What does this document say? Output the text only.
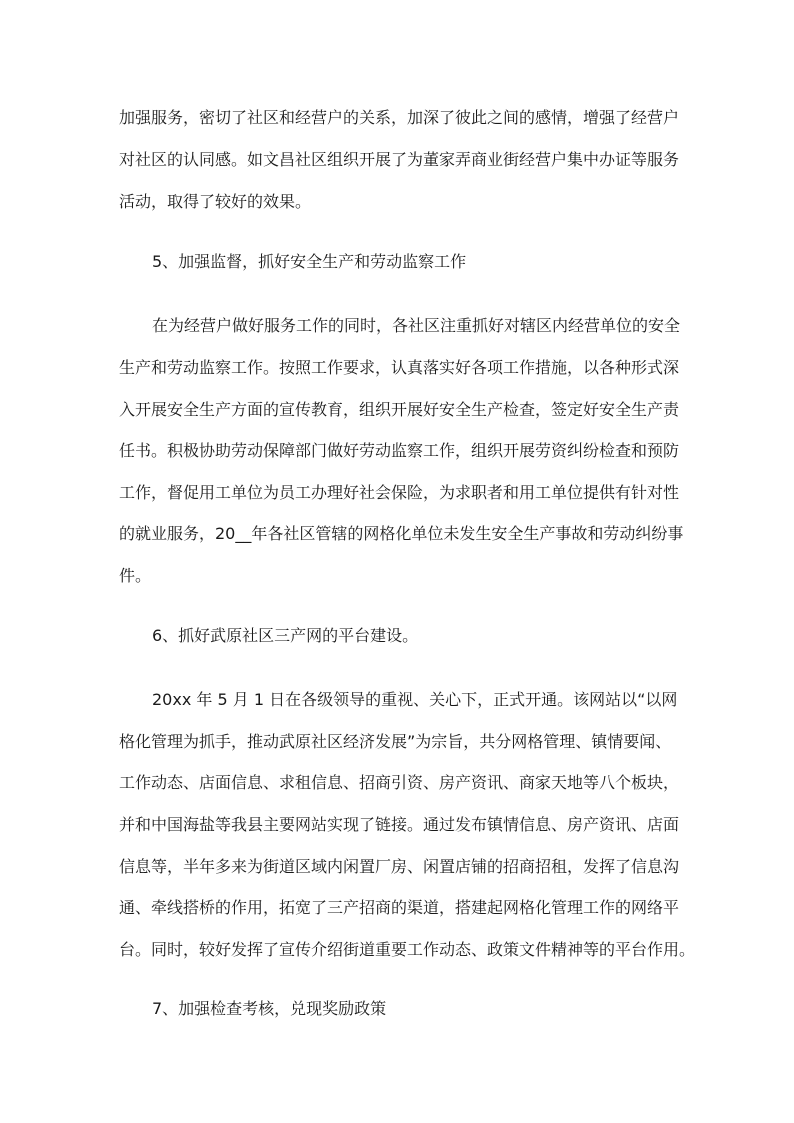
加强服务，密切了社区和经营户的关系，加深了彼此之间的感情，增强了经营户
对社区的认同感。如文昌社区组织开展了为董家弄商业街经营户集中办证等服务
活动，取得了较好的效果。
5、加强监督，抓好安全生产和劳动监察工作
在为经营户做好服务工作的同时，各社区注重抓好对辖区内经营单位的安全
生产和劳动监察工作。按照工作要求，认真落实好各项工作措施，以各种形式深
入开展安全生产方面的宣传教育，组织开展好安全生产检查，签定好安全生产责
任书。积极协助劳动保障部门做好劳动监察工作，组织开展劳资纠纷检查和预防
工作，督促用工单位为员工办理好社会保险，为求职者和用工单位提供有针对性
的就业服务，20__年各社区管辖的网格化单位未发生安全生产事故和劳动纠纷事
件。
6、抓好武原社区三产网的平台建设。
20xx 年 5 月 1 日在各级领导的重视、关心下，正式开通。该网站以“以网
格化管理为抓手，推动武原社区经济发展”为宗旨，共分网格管理、镇情要闻、
工作动态、店面信息、求租信息、招商引资、房产资讯、商家天地等八个板块，
并和中国海盐等我县主要网站实现了链接。通过发布镇情信息、房产资讯、店面
信息等，半年多来为街道区域内闲置厂房、闲置店铺的招商招租，发挥了信息沟
通、牵线搭桥的作用，拓宽了三产招商的渠道，搭建起网格化管理工作的网络平
台。同时，较好发挥了宣传介绍街道重要工作动态、政策文件精神等的平台作用。
7、加强检查考核，兑现奖励政策
